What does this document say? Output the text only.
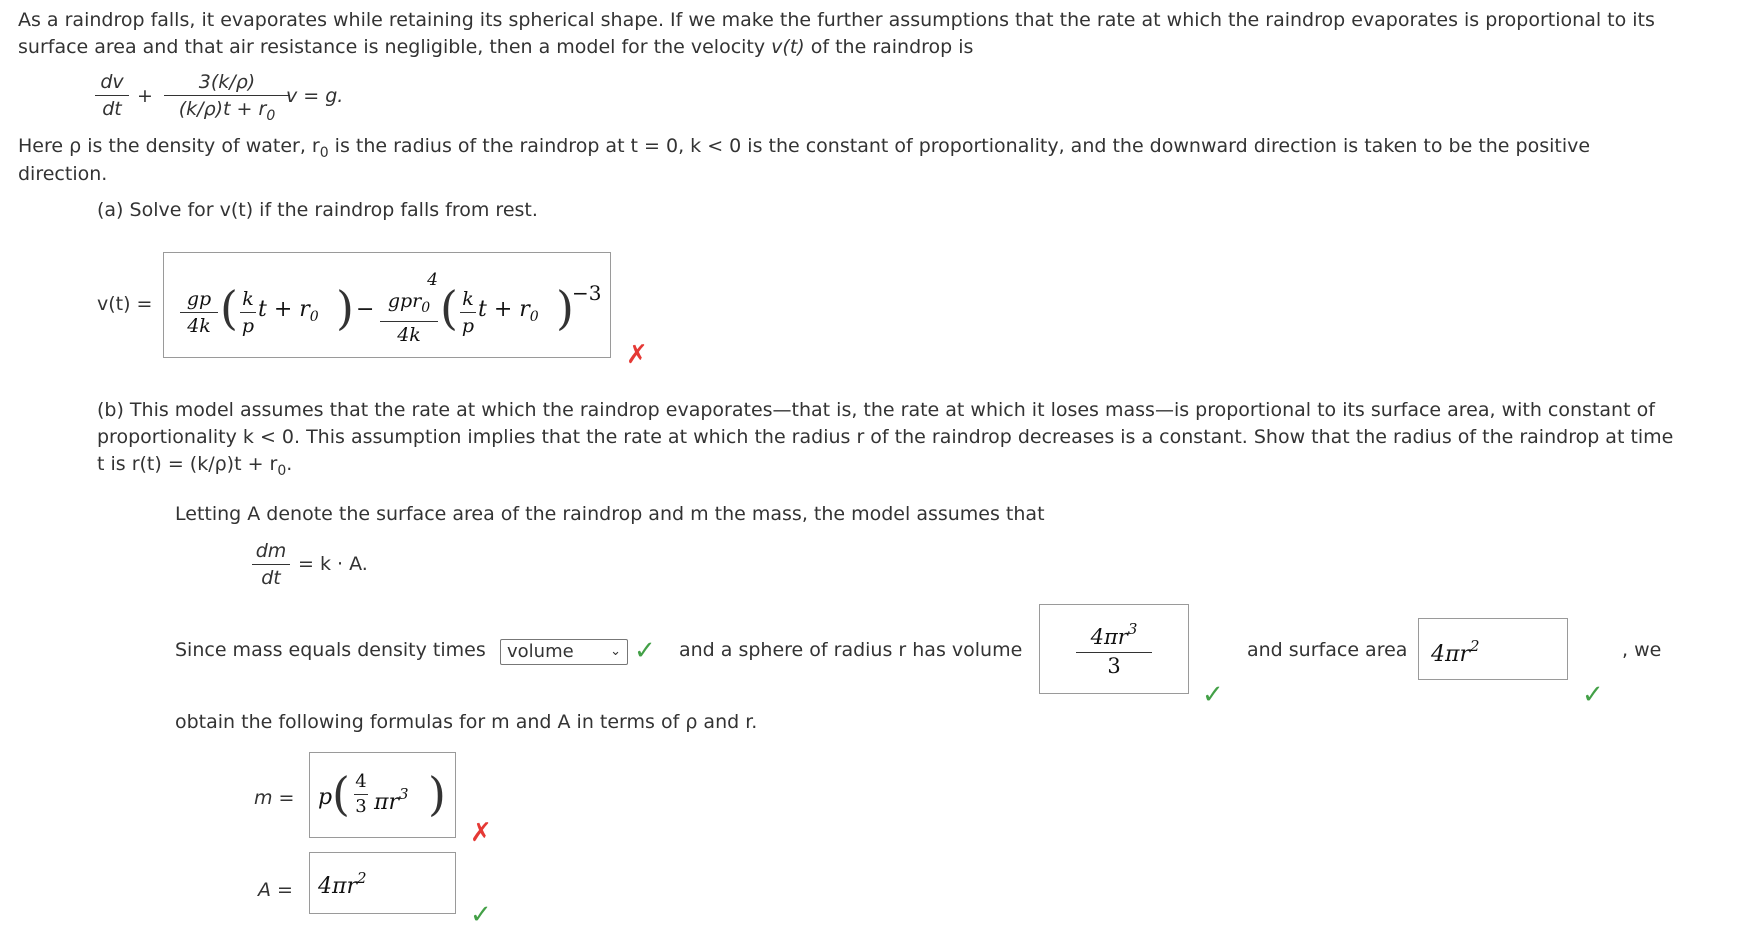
As a raindrop falls, it evaporates while retaining its spherical shape. If we make the further assumptions that the rate at which the raindrop evaporates is proportional to its
surface area and that air resistance is negligible, then a model for the velocity v(t) of the raindrop is
dv
dt
+
3(k/ρ)
$(k/\rho)t + r_0$
v = g.
Here ρ is the density of water, $r_0$ is the radius of the raindrop at t = 0, k < 0 is the constant of proportionality, and the downward direction is taken to be the positive
direction.
(a) Solve for v(t) if the raindrop falls from rest.
v(t) =	gp
4k ( k
p
$t + r_0$ ) −
4
gpr$_0$
4k ( k
p
$t + r_0$ )
−3
✗
(b) This model assumes that the rate at which the raindrop evaporates—that is, the rate at which it loses mass—is proportional to its surface area, with constant of
proportionality k < 0. This assumption implies that the rate at which the radius r of the raindrop decreases is a constant. Show that the radius of the raindrop at time
t is $r(t) = (k/\rho)t + r_0$.
Letting A denote the surface area of the raindrop and m the mass, the model assumes that
dm
dt
= k · A.
Since mass equals density times	volume	⌄ ✓ and a sphere of radius r has volume
$4\pi r^3$
3
✓
and surface area $4\pi r^2$
✓
, we
obtain the following formulas for m and A in terms of ρ and r.
m = p ( 4
3 $\pi r^3$ )
✗
$A = 4\pi r^2$
✓
